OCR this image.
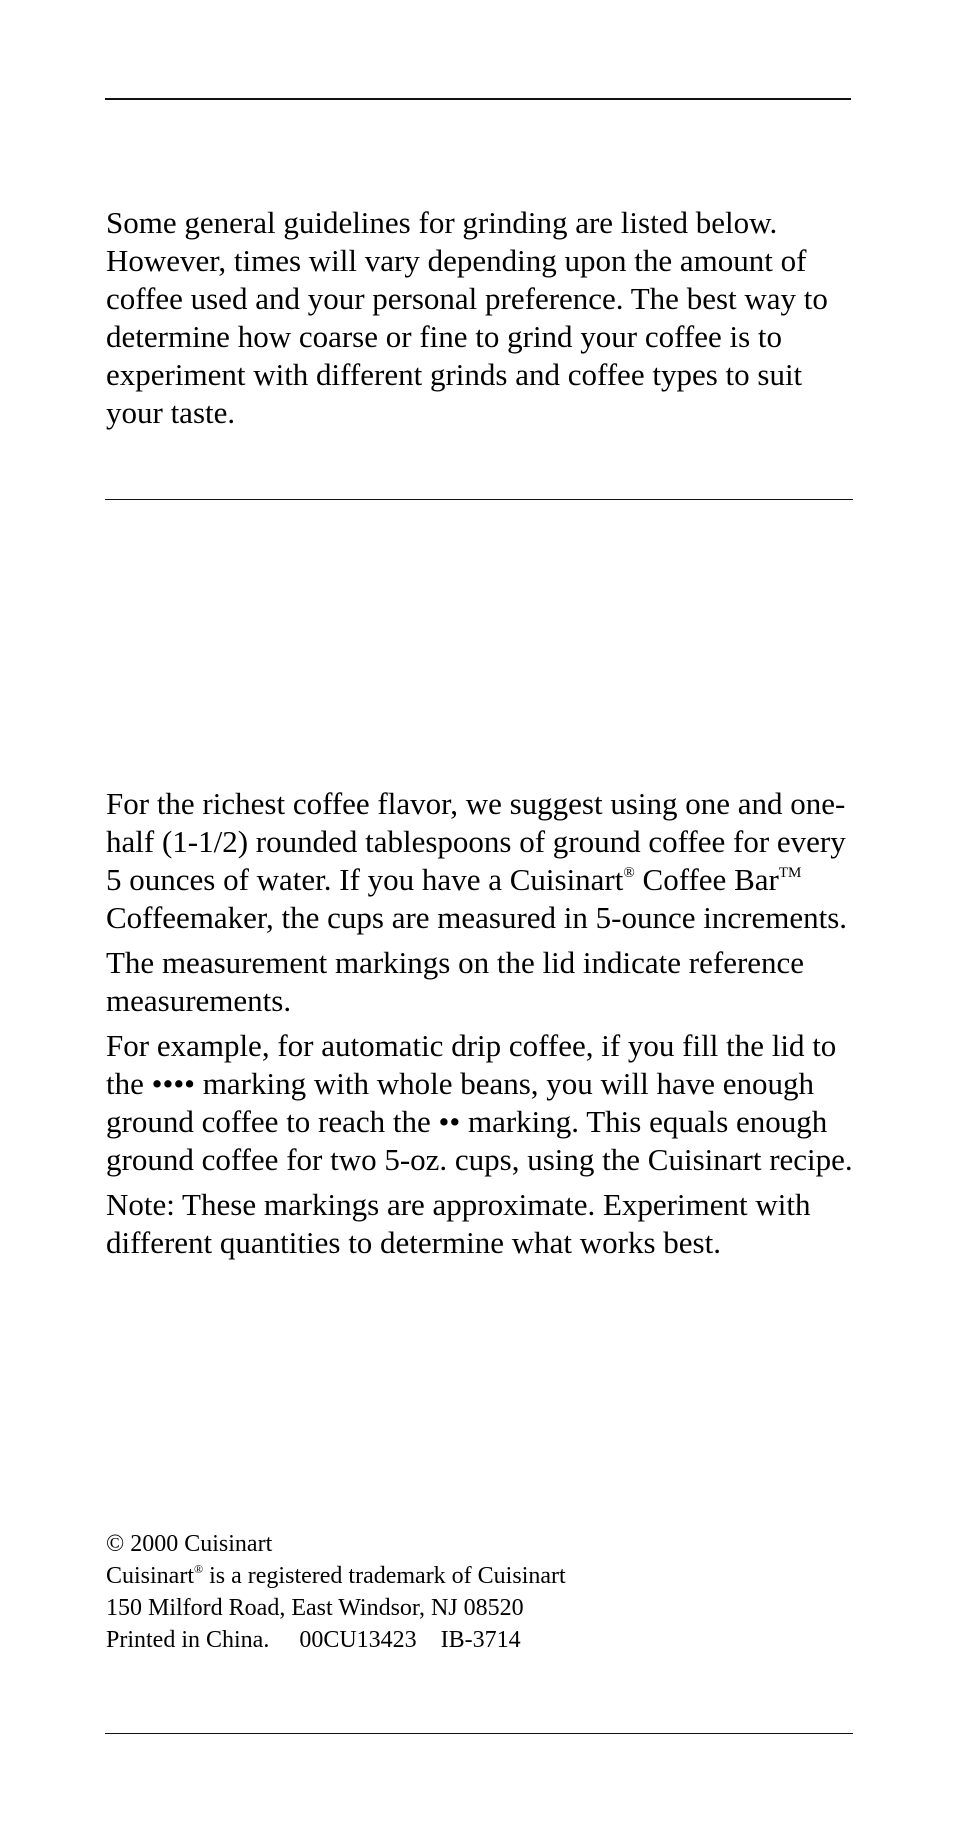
Some general guidelines for grinding are listed below. However, times will vary depending upon the amount of coffee used and your personal preference. The best way to determine how coarse or fine to grind your coffee is to experiment with different grinds and coffee types to suit your taste.

For the richest coffee flavor, we suggest using one and one-half (1-1/2) rounded tablespoons of ground coffee for every 5 ounces of water. If you have a Cuisinart® Coffee Bar™ Coffeemaker, the cups are measured in 5-ounce increments.

The measurement markings on the lid indicate reference measurements.

For example, for automatic drip coffee, if you fill the lid to the •••• marking with whole beans, you will have enough ground coffee to reach the •• marking. This equals enough ground coffee for two 5-oz. cups, using the Cuisinart recipe.

Note: These markings are approximate. Experiment with different quantities to determine what works best.

© 2000 Cuisinart
Cuisinart® is a registered trademark of Cuisinart
150 Milford Road, East Windsor, NJ 08520
Printed in China.     00CU13423    IB-3714
